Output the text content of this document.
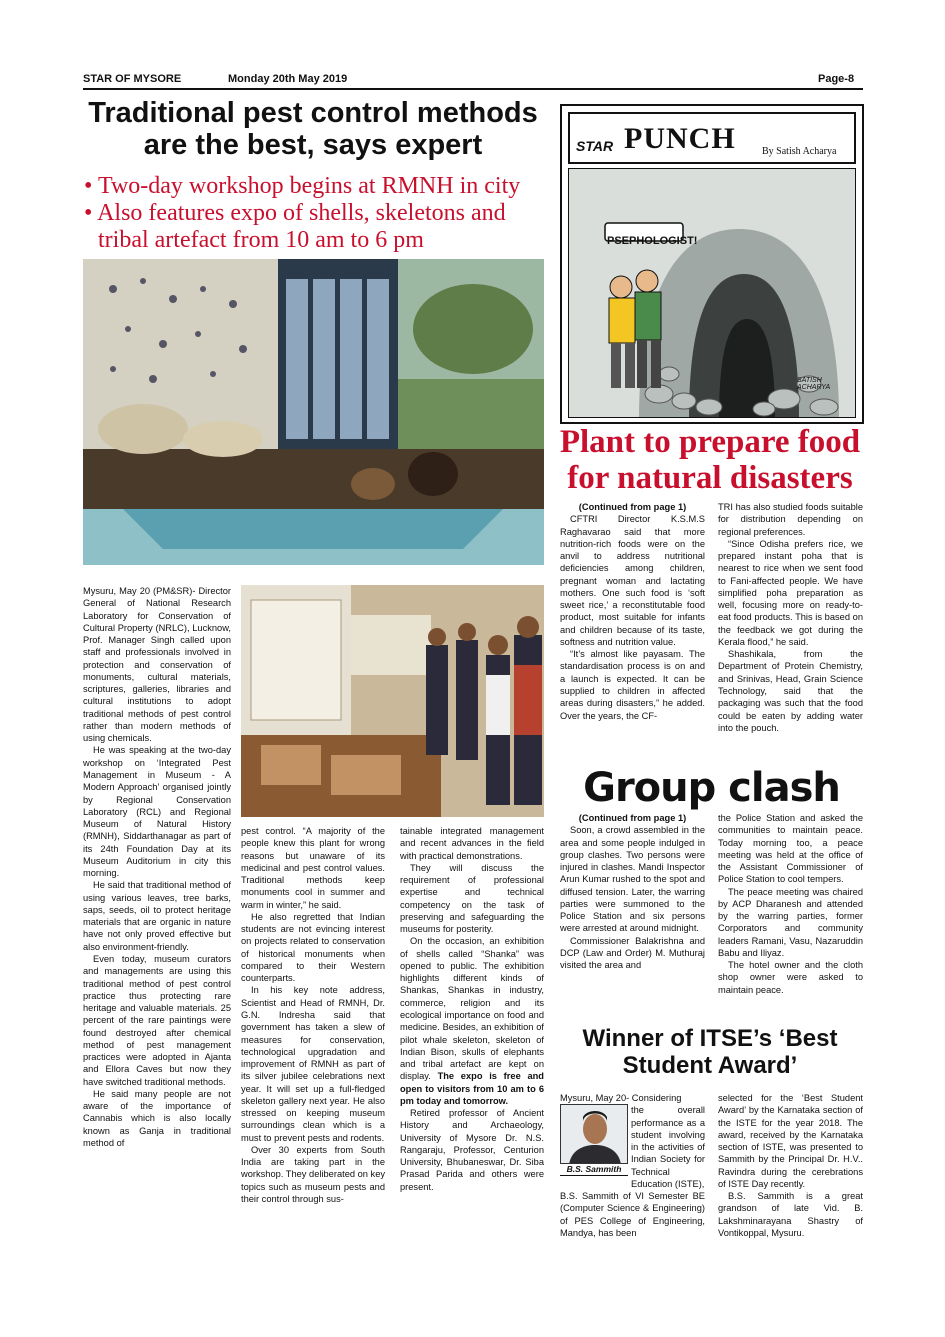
STAR OF MYSORE	Monday 20th May 2019	Page-8
Traditional pest control methods
are the best, says expert
• Two-day workshop begins at RMNH in city
• Also features expo of shells, skeletons and
tribal artefact from 10 am to 6 pm

Mysuru, May 20 (PM&SR)- Director General of National Research Laboratory for Conservation of Cultural Property (NRLC), Lucknow, Prof. Manager Singh called upon staff and professionals involved in protection and conservation of monuments, cultural materials, scriptures, galleries, libraries and cultural institutions to adopt traditional methods of pest control rather than modern methods of using chemicals.

He was speaking at the two-day workshop on ‘Integrated Pest Management in Museum - A Modern Approach’ organised jointly by Regional Conservation Laboratory (RCL) and Regional Museum of Natural History (RMNH), Siddarthanagar as part of its 24th Foundation Day at its Museum Auditorium in city this morning.

He said that traditional method of using various leaves, tree barks, saps, seeds, oil to protect heritage materials that are organic in nature have not only proved effective but also environment-friendly.

Even today, museum curators and managements are using this traditional method of pest control practice thus protecting rare heritage and valuable materials. 25 percent of the rare paintings were found destroyed after chemical method of pest management practices were adopted in Ajanta and Ellora Caves but now they have switched traditional methods.

He said many people are not aware of the importance of Cannabis which is also locally known as Ganja in traditional method of

pest control. “A majority of the people knew this plant for wrong reasons but unaware of its medicinal and pest control values. Traditional methods keep monuments cool in summer and warm in winter,” he said.

He also regretted that Indian students are not evincing interest on projects related to conservation of historical monuments when compared to their Western counterparts.

In his key note address, Scientist and Head of RMNH, Dr. G.N. Indresha said that government has taken a slew of measures for conservation, technological upgradation and improvement of RMNH as part of its silver jubilee celebrations next year. It will set up a full-fledged skeleton gallery next year. He also stressed on keeping museum surroundings clean which is a must to prevent pests and rodents.

Over 30 experts from South India are taking part in the workshop. They deliberated on key topics such as museum pests and their control through sus-

tainable integrated management and recent advances in the field with practical demonstrations.

They will discuss the requirement of professional expertise and technical competency on the task of preserving and safeguarding the museums for posterity.

On the occasion, an exhibition of shells called “Shanka” was opened to public. The exhibition highlights different kinds of Shankas, Shankas in industry, commerce, religion and its ecological importance on food and medicine. Besides, an exhibition of pilot whale skeleton, skeleton of Indian Bison, skulls of elephants and tribal artefact are kept on display. The expo is free and open to visitors from 10 am to 6 pm today and tomorrow.

Retired professor of Ancient History and Archaeology, University of Mysore Dr. N.S. Rangaraju, Professor, Centurion University, Bhubaneswar, Dr. Siba Prasad Parida and others were present.

STAR PUNCH	By Satish Acharya
PSEPHOLOGIST!
SATISH ACHARYA
Plant to prepare food
for natural disasters
(Continued from page 1)

CFTRI Director K.S.M.S Raghavarao said that more nutrition-rich foods were on the anvil to address nutritional deficiencies among children, pregnant woman and lactating mothers. One such food is ‘soft sweet rice,’ a reconstitutable food product, most suitable for infants and children because of its taste, softness and nutrition value.

“It’s almost like payasam. The standardisation process is on and a launch is expected. It can be supplied to children in affected areas during disasters,” he added. Over the years, the CF-

TRI has also studied foods suitable for distribution depending on regional preferences.

“Since Odisha prefers rice, we prepared instant poha that is nearest to rice when we sent food to Fani-affected people. We have simplified poha preparation as well, focusing more on ready-to-eat food products. This is based on the feedback we got during the Kerala flood,” he said.

Shashikala, from the Department of Protein Chemistry, and Srinivas, Head, Grain Science Technology, said that the packaging was such that the food could be eaten by adding water into the pouch.

Group clash
(Continued from page 1)

Soon, a crowd assembled in the area and some people indulged in group clashes. Two persons were injured in clashes. Mandi Inspector Arun Kumar rushed to the spot and diffused tension. Later, the warring parties were summoned to the Police Station and six persons were arrested at around midnight.

Commissioner Balakrishna and DCP (Law and Order) M. Muthuraj visited the area and

the Police Station and asked the communities to maintain peace. Today morning too, a peace meeting was held at the office of the Assistant Commissioner of Police Station to cool tempers.

The peace meeting was chaired by ACP Dharanesh and attended by the warring parties, former Corporators and community leaders Ramani, Vasu, Nazaruddin Babu and Iliyaz.

The hotel owner and the cloth shop owner were asked to maintain peace.

Winner of ITSE’s ‘Best
Student Award’
Mysuru, May 20- Considering
B.S. Sammith
the overall performance as a student involving in the activities of Indian Society for Technical Education (ISTE),

B.S. Sammith of VI Semester BE (Computer Science & Engineering) of PES College of Engineering, Mandya, has been

selected for the ‘Best Student Award’ by the Karnataka section of the ISTE for the year 2018. The award, received by the Karnataka section of ISTE, was presented to Sammith by the Principal Dr. H.V.. Ravindra during the cerebrations of ISTE Day recently.

B.S. Sammith is a great grandson of late Vid. B. Lakshminarayana Shastry of Vontikoppal, Mysuru.
